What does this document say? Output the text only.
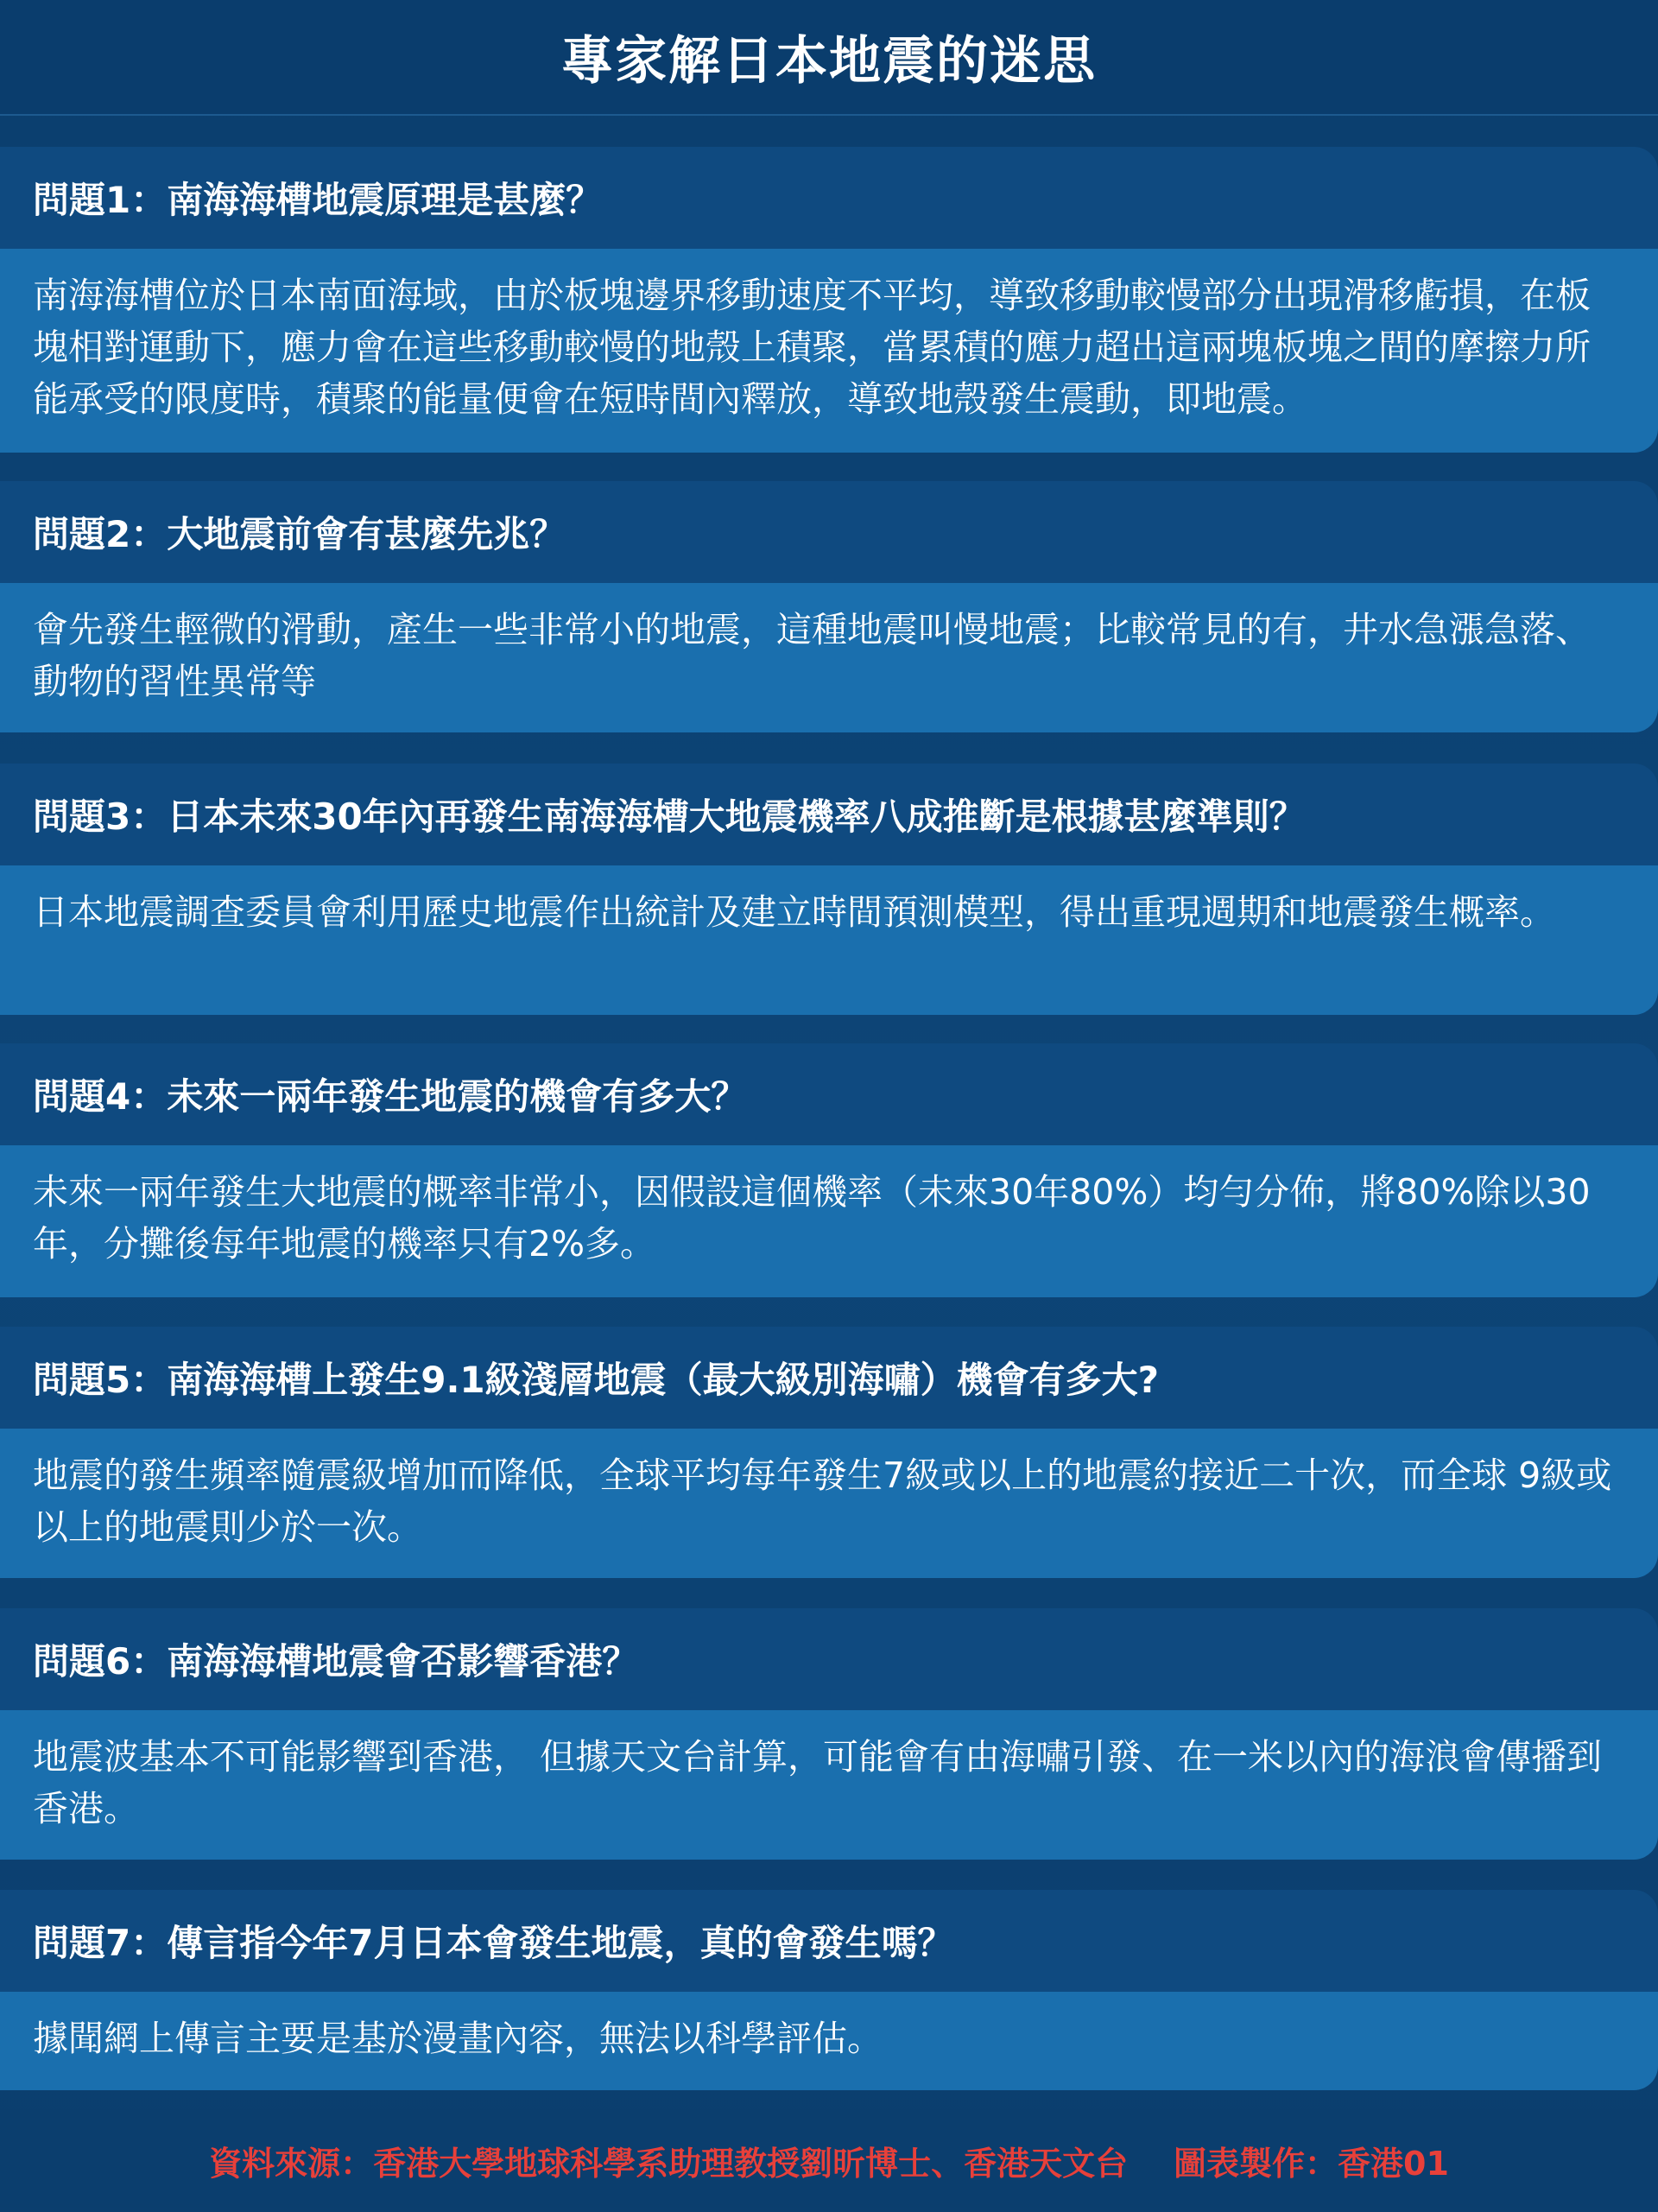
專家解日本地震的迷思
問題1：南海海槽地震原理是甚麼？
南海海槽位於日本南面海域，由於板塊邊界移動速度不平均，導致移動較慢部分出現滑移虧損，在板塊相對運動下，應力會在這些移動較慢的地殼上積聚，當累積的應力超出這兩塊板塊之間的摩擦力所能承受的限度時，積聚的能量便會在短時間內釋放，導致地殼發生震動，即地震。
問題2：大地震前會有甚麼先兆？
會先發生輕微的滑動，產生一些非常小的地震，這種地震叫慢地震；比較常見的有，井水急漲急落、動物的習性異常等
問題3：日本未來30年內再發生南海海槽大地震機率八成推斷是根據甚麼準則？
日本地震調查委員會利用歷史地震作出統計及建立時間預測模型，得出重現週期和地震發生概率。
問題4：未來一兩年發生地震的機會有多大？
未來一兩年發生大地震的概率非常小，因假設這個機率（未來30年80%）均勻分佈，將80%除以30年，分攤後每年地震的機率只有2%多。
問題5：南海海槽上發生9.1級淺層地震（最大級別海嘯）機會有多大?
地震的發生頻率隨震級增加而降低，全球平均每年發生7級或以上的地震約接近二十次，而全球 9級或以上的地震則少於一次。
問題6：南海海槽地震會否影響香港？
地震波基本不可能影響到香港， 但據天文台計算，可能會有由海嘯引發、在一米以內的海浪會傳播到香港。
問題7：傳言指今年7月日本會發生地震，真的會發生嗎？
據聞網上傳言主要是基於漫畫內容，無法以科學評估。
資料來源：香港大學地球科學系助理教授劉昕博士、香港天文台    圖表製作：香港01
